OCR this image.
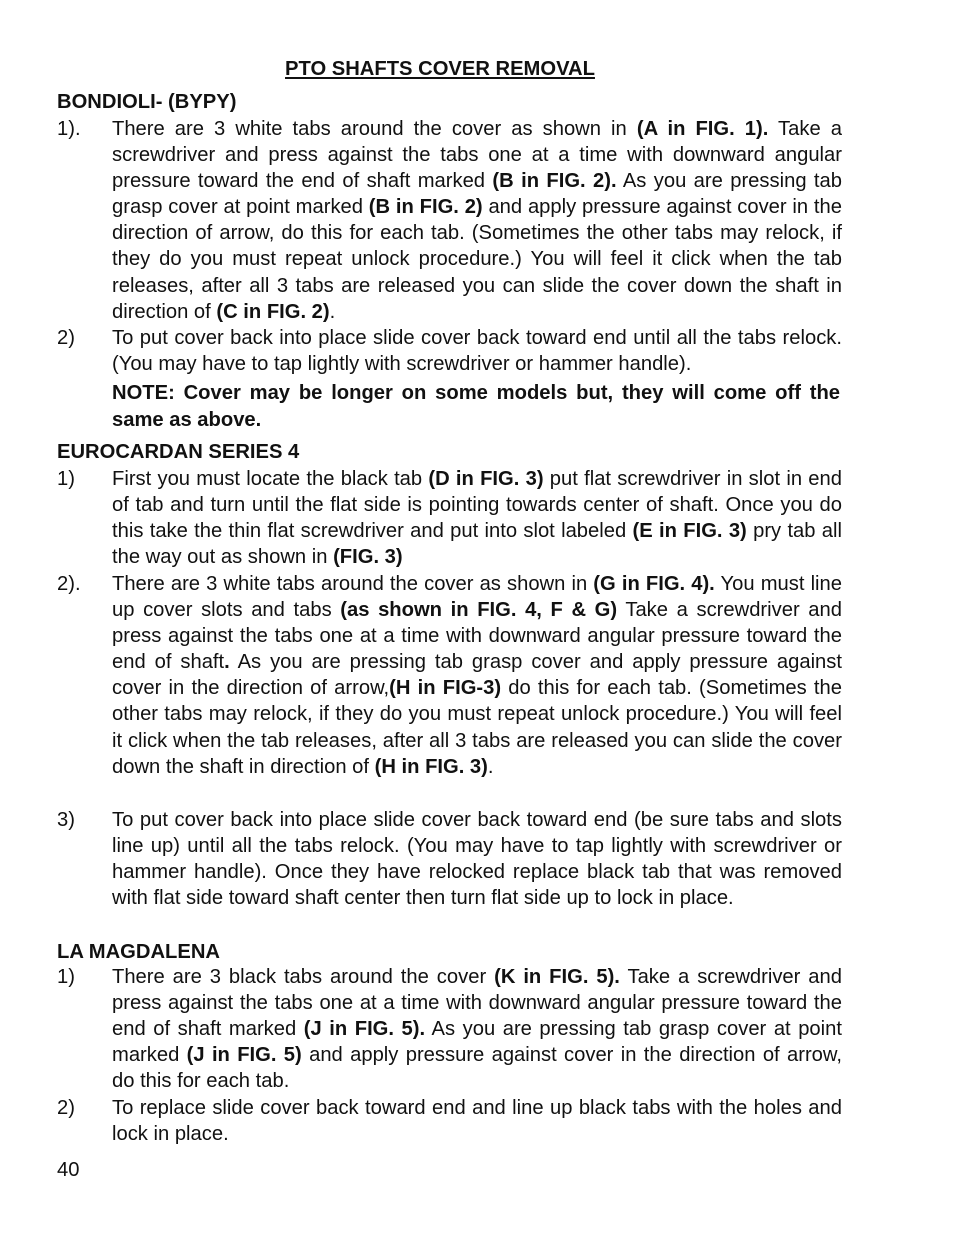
PTO SHAFTS COVER REMOVAL
BONDIOLI- (BYPY)
1). There are 3 white tabs around the cover as shown in (A in FIG. 1). Take a screwdriver and press against the tabs one at a time with downward angular pressure toward the end of shaft marked (B in FIG. 2). As you are pressing tab grasp cover at point marked (B in FIG. 2) and apply pressure against cover in the direction of arrow, do this for each tab. (Sometimes the other tabs may relock, if they do you must repeat unlock procedure.) You will feel it click when the tab releases, after all 3 tabs are released you can slide the cover down the shaft in direction of (C in FIG. 2).
2) To put cover back into place slide cover back toward end until all the tabs relock. (You may have to tap lightly with screwdriver or hammer handle).
NOTE: Cover may be longer on some models but, they will come off the same as above.
EUROCARDAN SERIES 4
1) First you must locate the black tab (D in FIG. 3) put flat screwdriver in slot in end of tab and turn until the flat side is pointing towards center of shaft. Once you do this take the thin flat screwdriver and put into slot labeled (E in FIG. 3) pry tab all the way out as shown in (FIG. 3)
2). There are 3 white tabs around the cover as shown in (G in FIG. 4). You must line up cover slots and tabs (as shown in FIG. 4, F & G) Take a screwdriver and press against the tabs one at a time with downward angular pressure toward the end of shaft. As you are pressing tab grasp cover and apply pressure against cover in the direction of arrow,(H in FIG-3) do this for each tab. (Sometimes the other tabs may relock, if they do you must repeat unlock procedure.) You will feel it click when the tab releases, after all 3 tabs are released you can slide the cover down the shaft in direction of (H in FIG. 3).
3) To put cover back into place slide cover back toward end (be sure tabs and slots line up) until all the tabs relock. (You may have to tap lightly with screwdriver or hammer handle). Once they have relocked replace black tab that was removed with flat side toward shaft center then turn flat side up to lock in place.
LA MAGDALENA
1) There are 3 black tabs around the cover (K in FIG. 5). Take a screwdriver and press against the tabs one at a time with downward angular pressure toward the end of shaft marked (J in FIG. 5). As you are pressing tab grasp cover at point marked (J in FIG. 5) and apply pressure against cover in the direction of arrow, do this for each tab.
2) To replace slide cover back toward end and line up black tabs with the holes and lock in place.
40
